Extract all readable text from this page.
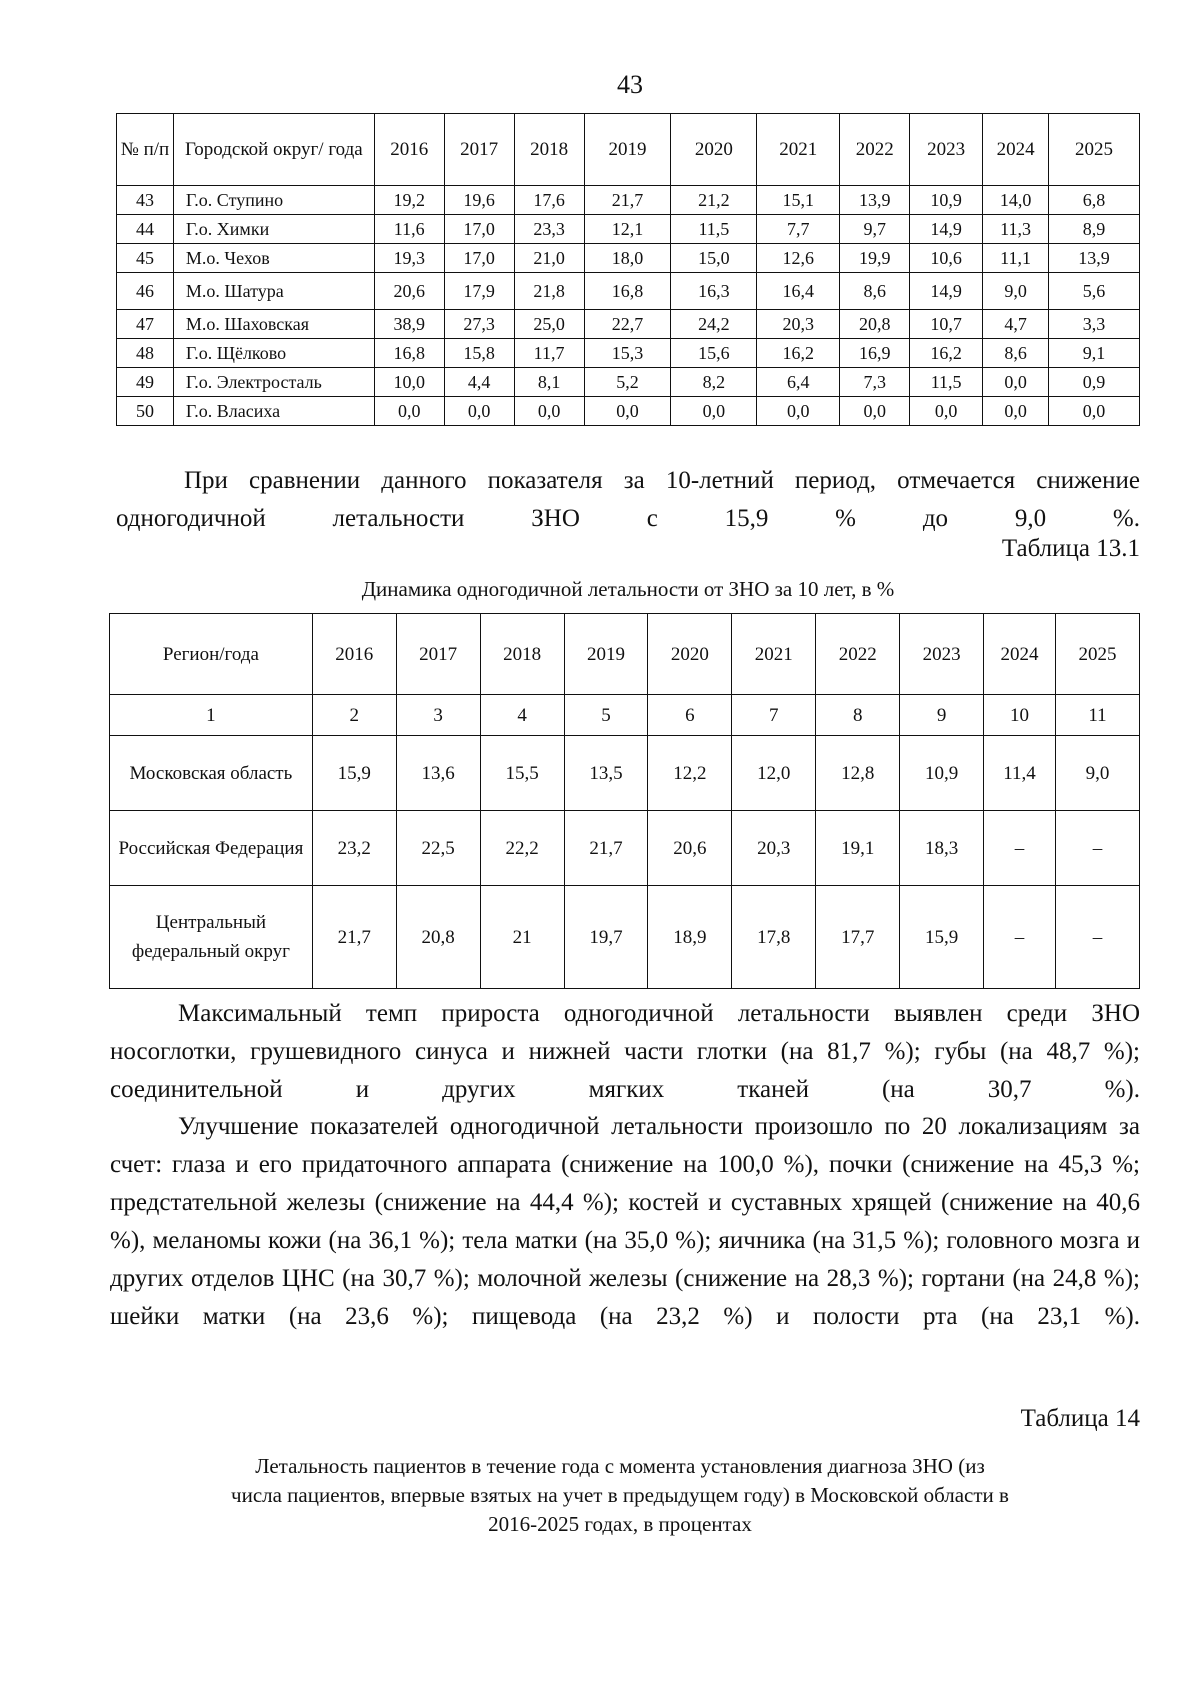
43
№ п/п	Городской округ/ года	2016	2017	2018	2019	2020	2021	2022	2023	2024	2025
43	Г.о. Ступино	19,2	19,6	17,6	21,7	21,2	15,1	13,9	10,9	14,0	6,8
44	Г.о. Химки	11,6	17,0	23,3	12,1	11,5	7,7	9,7	14,9	11,3	8,9
45	М.о. Чехов	19,3	17,0	21,0	18,0	15,0	12,6	19,9	10,6	11,1	13,9
46	М.о. Шатура	20,6	17,9	21,8	16,8	16,3	16,4	8,6	14,9	9,0	5,6
47	М.о. Шаховская	38,9	27,3	25,0	22,7	24,2	20,3	20,8	10,7	4,7	3,3
48	Г.о. Щёлково	16,8	15,8	11,7	15,3	15,6	16,2	16,9	16,2	8,6	9,1
49	Г.о. Электросталь	10,0	4,4	8,1	5,2	8,2	6,4	7,3	11,5	0,0	0,9
50	Г.о. Власиха	0,0	0,0	0,0	0,0	0,0	0,0	0,0	0,0	0,0	0,0

При сравнении данного показателя за 10-летний период, отмечается снижение одногодичной летальности ЗНО с 15,9 % до 9,0 %.

Таблица 13.1

Динамика одногодичной летальности от ЗНО за 10 лет, в %

Регион/года	2016	2017	2018	2019	2020	2021	2022	2023	2024	2025
1	2	3	4	5	6	7	8	9	10	11
Московская область	15,9	13,6	15,5	13,5	12,2	12,0	12,8	10,9	11,4	9,0
Российская Федерация	23,2	22,5	22,2	21,7	20,6	20,3	19,1	18,3	–	–
Центральный федеральный округ	21,7	20,8	21	19,7	18,9	17,8	17,7	15,9	–	–

Максимальный темп прироста одногодичной летальности выявлен среди ЗНО носоглотки, грушевидного синуса и нижней части глотки (на 81,7 %); губы (на 48,7 %); соединительной и других мягких тканей (на 30,7 %).

Улучшение показателей одногодичной летальности произошло по 20 локализациям за счет: глаза и его придаточного аппарата (снижение на 100,0 %), почки (снижение на 45,3 %; предстательной железы (снижение на 44,4 %); костей и суставных хрящей (снижение на 40,6 %), меланомы кожи (на 36,1 %); тела матки (на 35,0 %); яичника (на 31,5 %); головного мозга и других отделов ЦНС (на 30,7 %); молочной железы (снижение на 28,3 %); гортани (на 24,8 %); шейки матки (на 23,6 %); пищевода (на 23,2 %) и полости рта (на 23,1 %).

Таблица 14

Летальность пациентов в течение года с момента установления диагноза ЗНО (из числа пациентов, впервые взятых на учет в предыдущем году) в Московской области в 2016-2025 годах, в процентах
